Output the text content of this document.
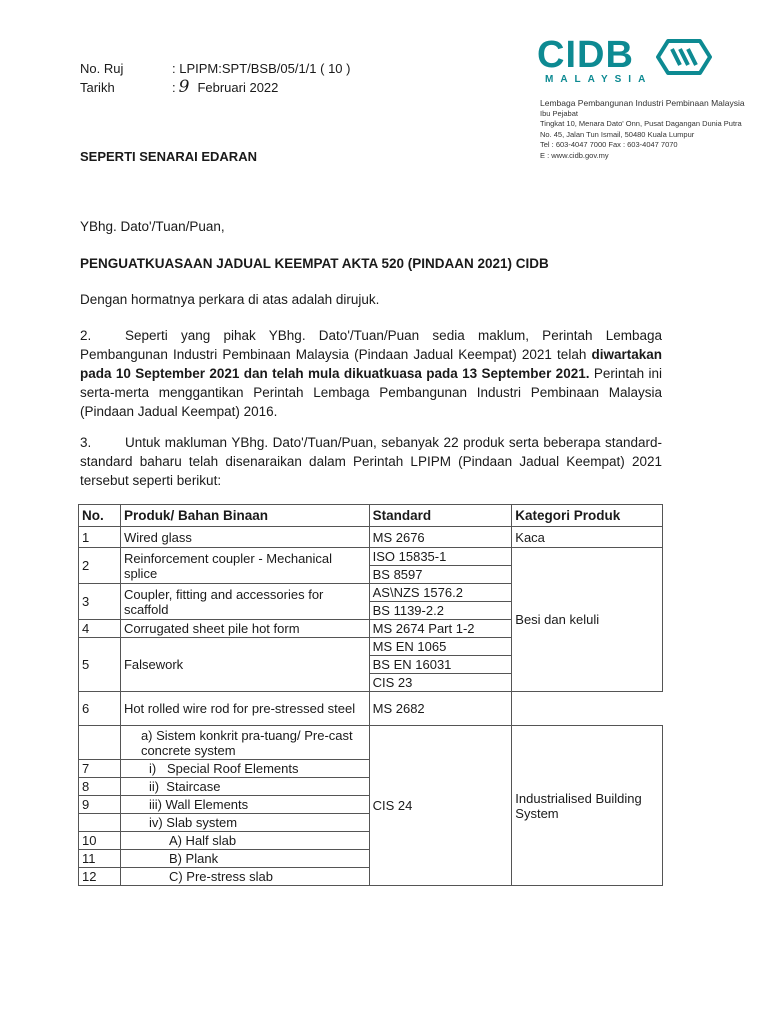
No. Ruj	: LPIPM:SPT/BSB/05/1/1 ( 10 )
Tarikh	: 9 Februari 2022
CIDB
MALAYSIA
Lembaga Pembangunan Industri Pembinaan Malaysia
Ibu Pejabat
Tingkat 10, Menara Dato' Onn, Pusat Dagangan Dunia Putra
No. 45, Jalan Tun Ismail, 50480 Kuala Lumpur
Tel : 603-4047 7000 Fax : 603-4047 7070
E : www.cidb.gov.my
SEPERTI SENARAI EDARAN
YBhg. Dato'/Tuan/Puan,
PENGUATKUASAAN JADUAL KEEMPAT AKTA 520 (PINDAAN 2021) CIDB
Dengan hormatnya perkara di atas adalah dirujuk.
2. Seperti yang pihak YBhg. Dato'/Tuan/Puan sedia maklum, Perintah Lembaga Pembangunan Industri Pembinaan Malaysia (Pindaan Jadual Keempat) 2021 telah diwartakan pada 10 September 2021 dan telah mula dikuatkuasa pada 13 September 2021. Perintah ini serta-merta menggantikan Perintah Lembaga Pembangunan Industri Pembinaan Malaysia (Pindaan Jadual Keempat) 2016.
3. Untuk makluman YBhg. Dato'/Tuan/Puan, sebanyak 22 produk serta beberapa standard-standard baharu telah disenaraikan dalam Perintah LPIPM (Pindaan Jadual Keempat) 2021 tersebut seperti berikut:
No.	Produk/ Bahan Binaan	Standard	Kategori Produk
1	Wired glass	MS 2676	Kaca
2	Reinforcement coupler - Mechanical splice	ISO 15835-1	Besi dan keluli
		BS 8597	
3	Coupler, fitting and accessories for scaffold	AS\NZS 1576.2	
		BS 1139-2.2	
4	Corrugated sheet pile hot form	MS 2674 Part 1-2	
5	Falsework	MS EN 1065	
		BS EN 16031	
		CIS 23	
6	Hot rolled wire rod for pre-stressed steel	MS 2682	
	a) Sistem konkrit pra-tuang/ Pre-cast concrete system	CIS 24	Industrialised Building System
7	i)   Special Roof Elements		
8	ii)  Staircase		
9	iii) Wall Elements		
	iv) Slab system		
10	A) Half slab		
11	B) Plank		
12	C) Pre-stress slab		
